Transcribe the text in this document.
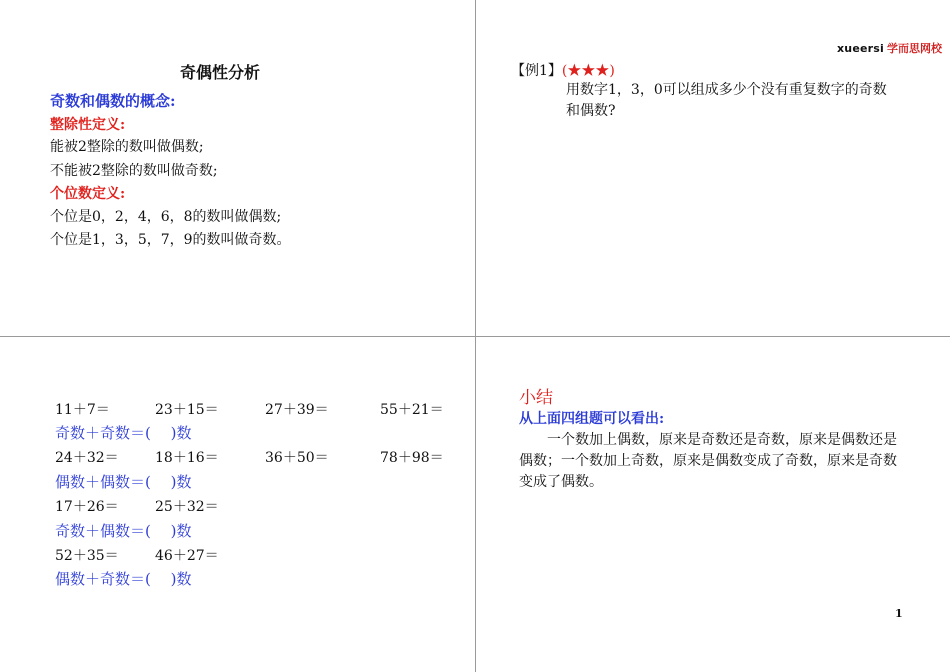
奇偶性分析
奇数和偶数的概念:
整除性定义:
能被2整除的数叫做偶数;
不能被2整除的数叫做奇数;
个位数定义:
个位是0，2，4，6，8的数叫做偶数;
个位是1，3，5，7，9的数叫做奇数。
xueersi 学而思网校
【例1】(★★★)
用数字1，3，0可以组成多少个没有重复数字的奇数和偶数?
11＋7＝	23＋15＝	27＋39＝	55＋21＝
奇数＋奇数＝(　 )数
24＋32＝	18＋16＝	36＋50＝	78＋98＝
偶数＋偶数＝(　 )数
17＋26＝	25＋32＝
奇数＋偶数＝(　 )数
52＋35＝	46＋27＝
偶数＋奇数＝(　 )数
小结
从上面四组题可以看出:
一个数加上偶数，原来是奇数还是奇数，原来是偶数还是偶数；一个数加上奇数，原来是偶数变成了奇数，原来是奇数变成了偶数。
1
